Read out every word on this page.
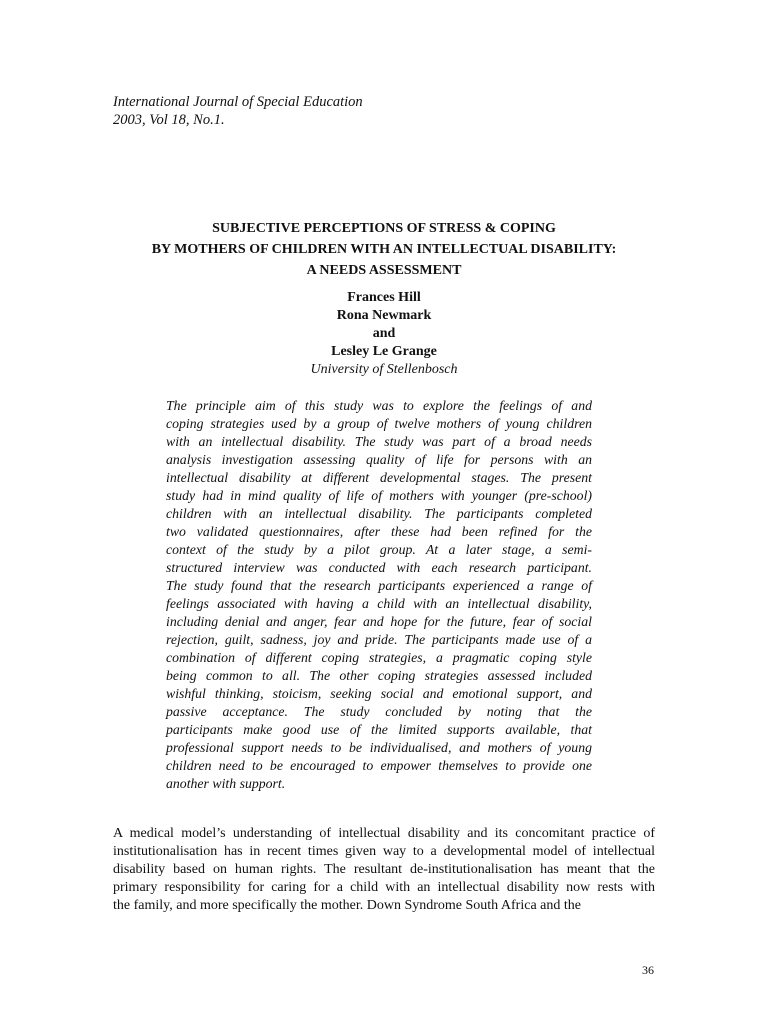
International Journal of Special Education
2003, Vol 18, No.1.
SUBJECTIVE PERCEPTIONS OF STRESS & COPING
BY MOTHERS OF CHILDREN WITH AN INTELLECTUAL DISABILITY:
A NEEDS ASSESSMENT
Frances Hill
Rona Newmark
and
Lesley Le Grange
University of Stellenbosch
The principle aim of this study was to explore the feelings of and
coping strategies used by a group of twelve mothers of young children
with an intellectual disability. The study was part of a broad needs
analysis investigation assessing quality of life for persons with an
intellectual disability at different developmental stages. The present
study had in mind quality of life of mothers with younger (pre-school)
children with an intellectual disability. The participants completed
two validated questionnaires, after these had been refined for the
context of the study by a pilot group. At a later stage, a semi-
structured interview was conducted with each research participant.
The study found that the research participants experienced a range of
feelings associated with having a child with an intellectual disability,
including denial and anger, fear and hope for the future, fear of social
rejection, guilt, sadness, joy and pride. The participants made use of a
combination of different coping strategies, a pragmatic coping style
being common to all. The other coping strategies assessed included
wishful thinking, stoicism, seeking social and emotional support, and
passive acceptance. The study concluded by noting that the
participants make good use of the limited supports available, that
professional support needs to be individualised, and mothers of young
children need to be encouraged to empower themselves to provide one
another with support.
A medical model’s understanding of intellectual disability and its concomitant practice of
institutionalisation has in recent times given way to a developmental model of intellectual
disability based on human rights. The resultant de-institutionalisation has meant that the
primary responsibility for caring for a child with an intellectual disability now rests with
the family, and more specifically the mother. Down Syndrome South Africa and the
36
